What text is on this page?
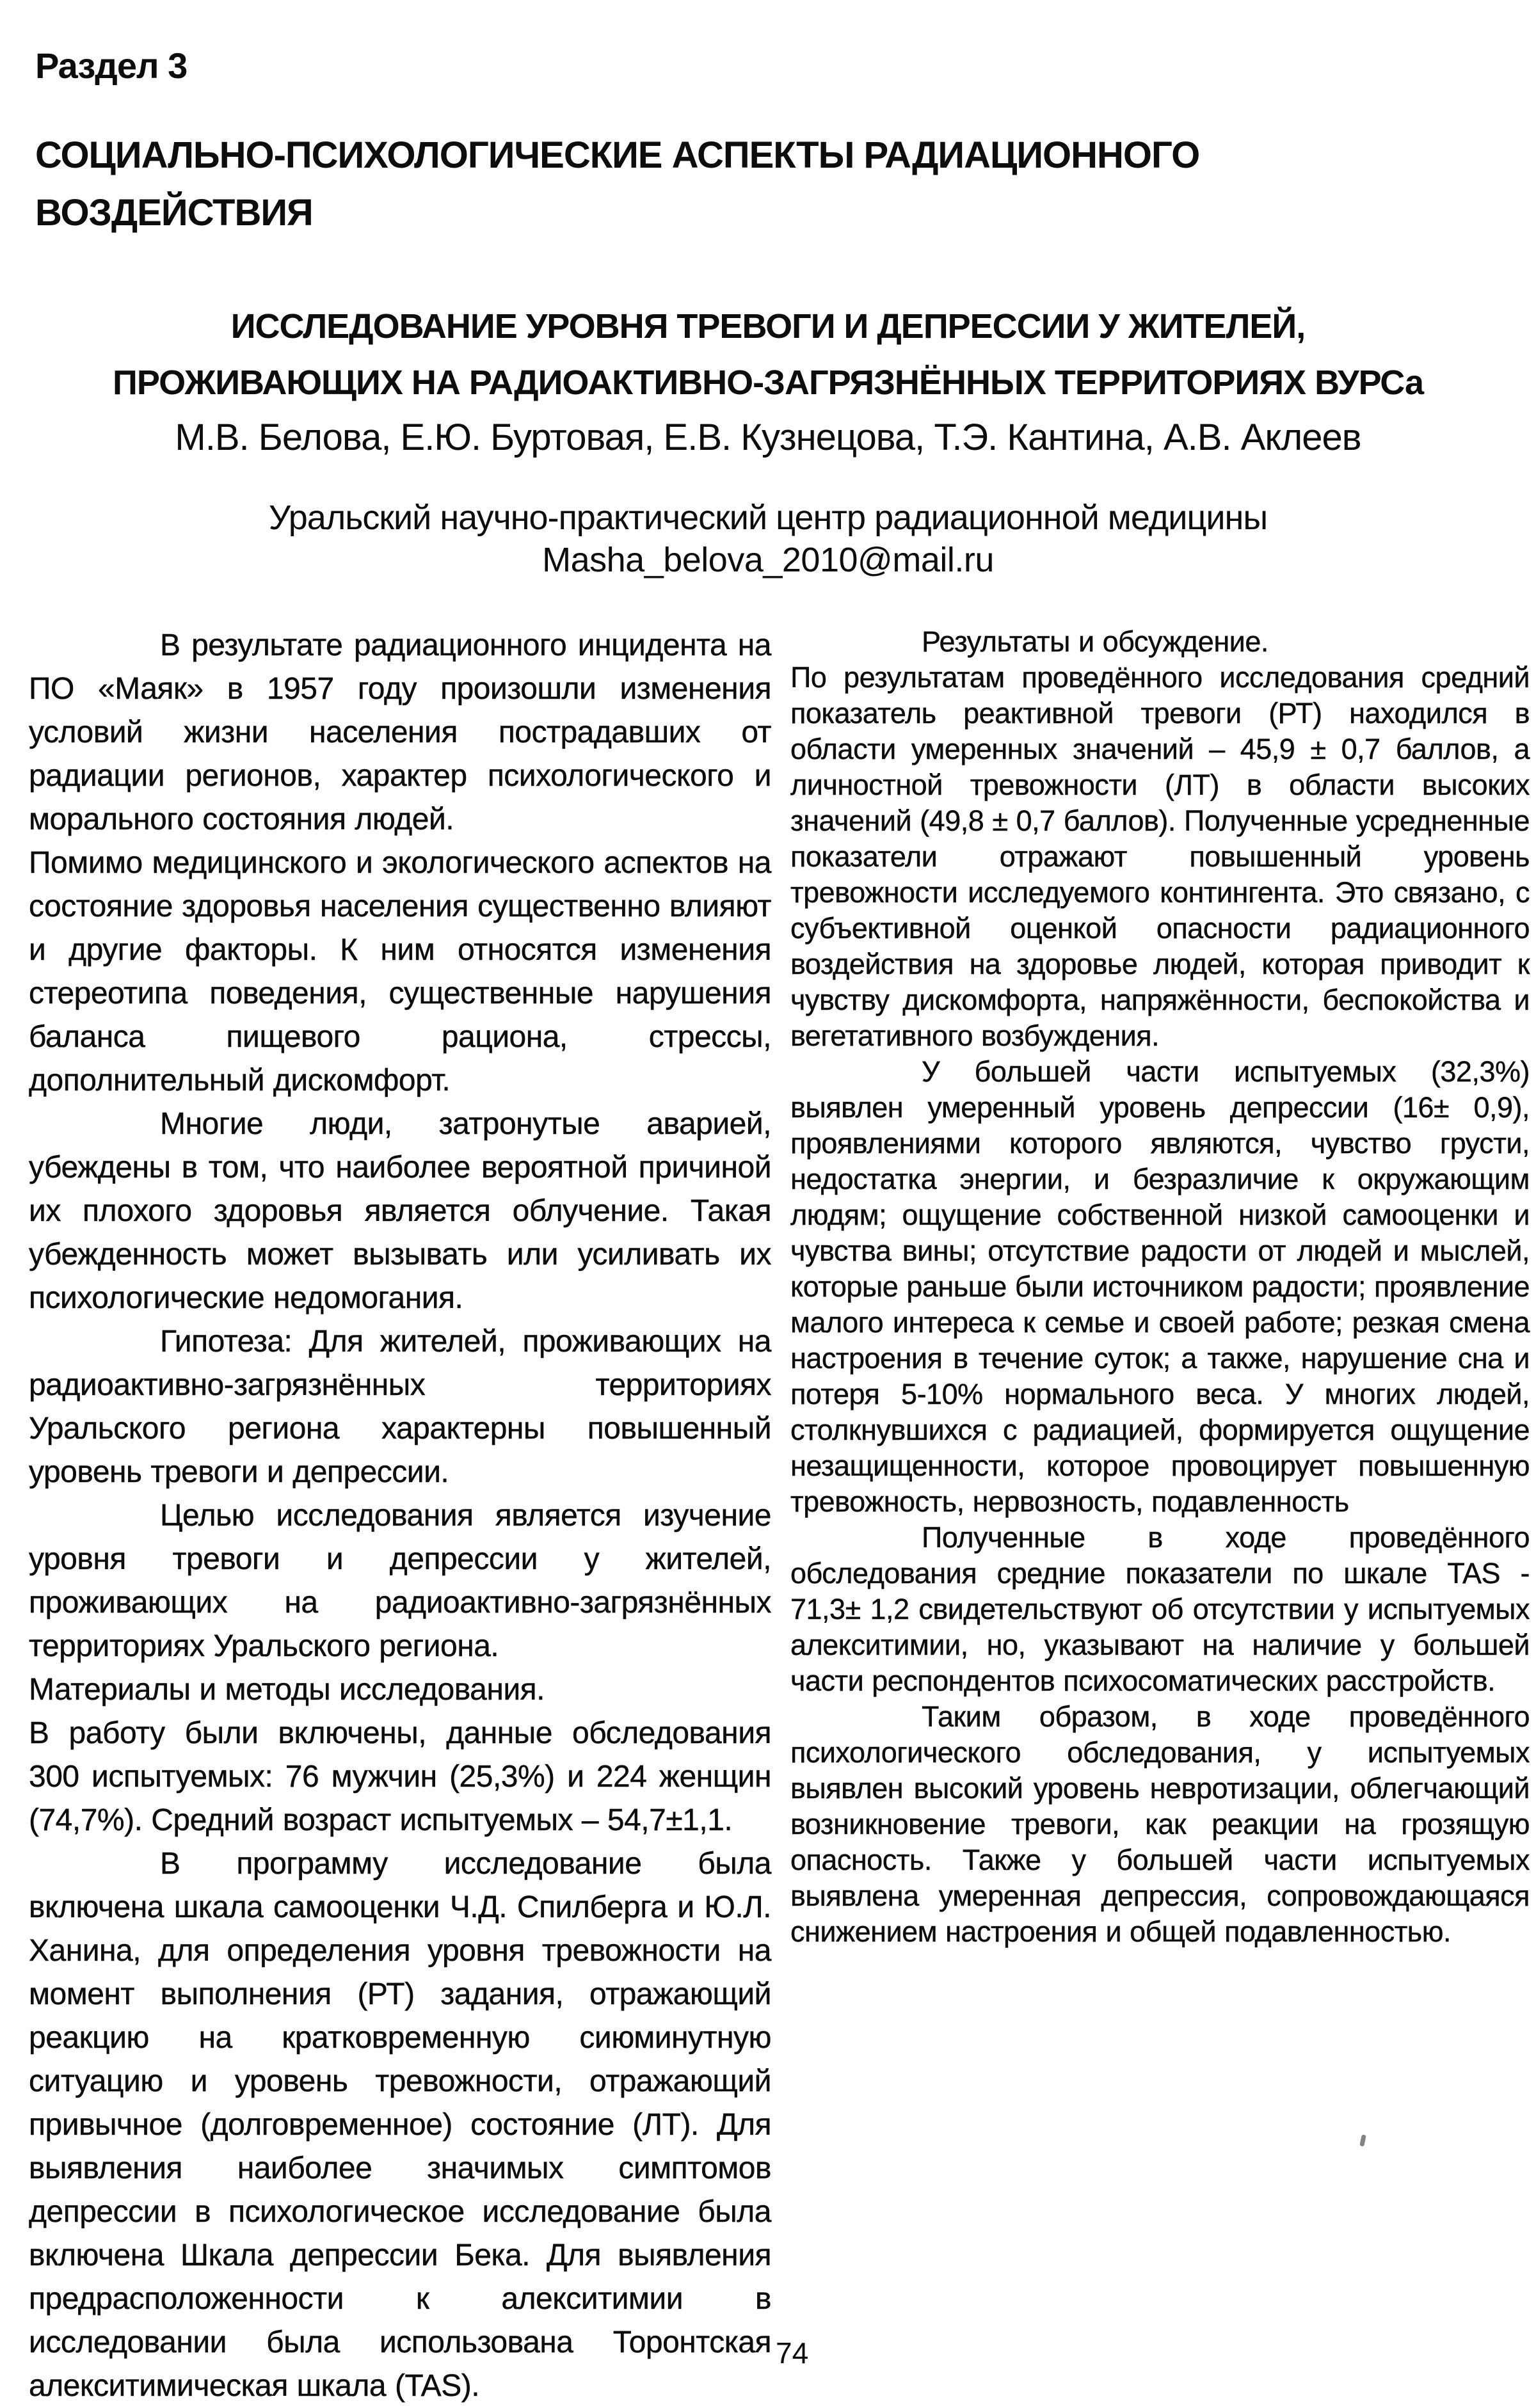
Раздел 3
СОЦИАЛЬНО-ПСИХОЛОГИЧЕСКИЕ АСПЕКТЫ РАДИАЦИОННОГО
ВОЗДЕЙСТВИЯ
ИССЛЕДОВАНИЕ УРОВНЯ ТРЕВОГИ И ДЕПРЕССИИ У ЖИТЕЛЕЙ,
ПРОЖИВАЮЩИХ НА РАДИОАКТИВНО-ЗАГРЯЗНЁННЫХ ТЕРРИТОРИЯХ ВУРСа
М.В. Белова, Е.Ю. Буртовая, Е.В. Кузнецова, Т.Э. Кантина, А.В. Аклеев
Уральский научно-практический центр радиационной медицины
Masha_belova_2010@mail.ru

В результате радиационного инцидента на ПО «Маяк» в 1957 году произошли изменения условий жизни населения пострадавших от радиации регионов, характер психологического и морального состояния людей.

Помимо медицинского и экологического аспектов на состояние здоровья населения существенно влияют и другие факторы. К ним относятся изменения стереотипа поведения, существенные нарушения баланса пищевого рациона, стрессы, дополнительный дискомфорт.

Многие люди, затронутые аварией, убеждены в том, что наиболее вероятной причиной их плохого здоровья является облучение. Такая убежденность может вызывать или усиливать их психологические недомогания.

Гипотеза: Для жителей, проживающих на радиоактивно-загрязнённых территориях Уральского региона характерны повышенный уровень тревоги и депрессии.

Целью исследования является изучение уровня тревоги и депрессии у жителей, проживающих на радиоактивно-загрязнённых территориях Уральского региона.

Материалы и методы исследования.

В работу были включены, данные обследования 300 испытуемых: 76 мужчин (25,3%) и 224 женщин (74,7%). Средний возраст испытуемых – 54,7±1,1.

В программу исследование была включена шкала самооценки Ч.Д. Спилберга и Ю.Л. Ханина, для определения уровня тревожности на момент выполнения (РТ) задания, отражающий реакцию на кратковременную сиюминутную ситуацию и уровень тревожности, отражающий привычное (долговременное) состояние (ЛТ). Для выявления наиболее значимых симптомов депрессии в психологическое исследование была включена Шкала депрессии Бека. Для выявления предрасположенности к алекситимии в исследовании была использована Торонтская алекситимическая шкала (TAS).

Результаты и обсуждение.

По результатам проведённого исследования средний показатель реактивной тревоги (РТ) находился в области умеренных значений – 45,9 ± 0,7 баллов, а личностной тревожности (ЛТ) в области высоких значений (49,8 ± 0,7 баллов). Полученные усредненные показатели отражают повышенный уровень тревожности исследуемого контингента. Это связано, с субъективной оценкой опасности радиационного воздействия на здоровье людей, которая приводит к чувству дискомфорта, напряжённости, беспокойства и вегетативного возбуждения.

У большей части испытуемых (32,3%) выявлен умеренный уровень депрессии (16± 0,9), проявлениями которого являются, чувство грусти, недостатка энергии, и безразличие к окружающим людям; ощущение собственной низкой самооценки и чувства вины; отсутствие радости от людей и мыслей, которые раньше были источником радости; проявление малого интереса к семье и своей работе; резкая смена настроения в течение суток; а также, нарушение сна и потеря 5-10% нормального веса. У многих людей, столкнувшихся с радиацией, формируется ощущение незащищенности, которое провоцирует повышенную тревожность, нервозность, подавленность

Полученные в ходе проведённого обследования средние показатели по шкале TAS - 71,3± 1,2 свидетельствуют об отсутствии у испытуемых алекситимии, но, указывают на наличие у большей части респондентов психосоматических расстройств.

Таким образом, в ходе проведённого психологического обследования, у испытуемых выявлен высокий уровень невротизации, облегчающий возникновение тревоги, как реакции на грозящую опасность. Также у большей части испытуемых выявлена умеренная депрессия, сопровождающаяся снижением настроения и общей подавленностью.

74
